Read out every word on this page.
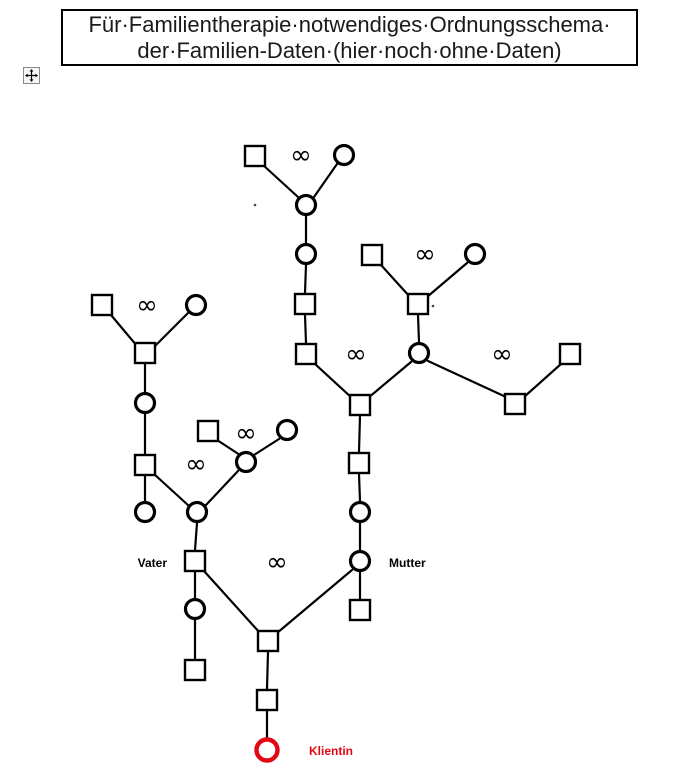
Für·Familientherapie·notwendiges·Ordnungsschema·
der·Familien-Daten·(hier·noch·ohne·Daten)
∞
∞
∞
∞	∞
∞
∞
∞
Vater	Mutter
Klientin
